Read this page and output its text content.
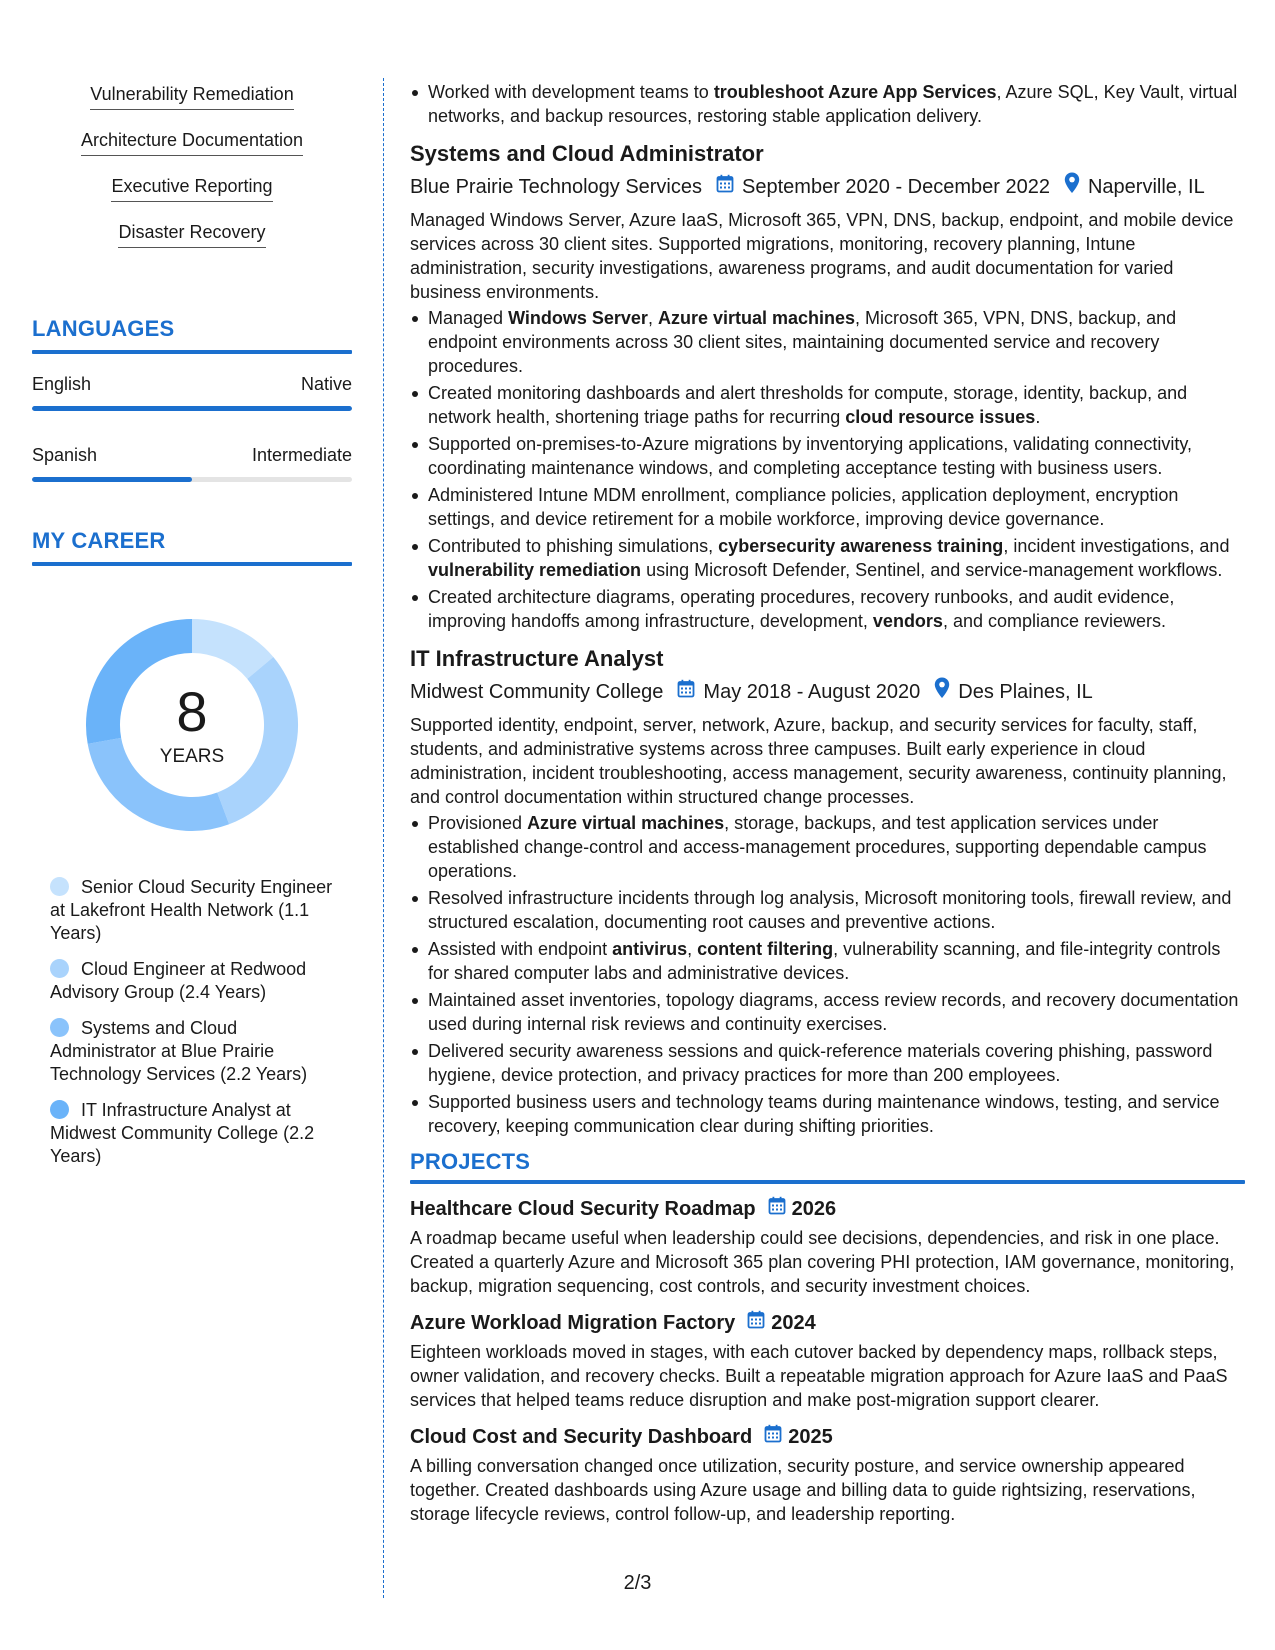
Vulnerability Remediation
Architecture Documentation
Executive Reporting
Disaster Recovery
LANGUAGES
English	Native
Spanish	Intermediate
MY CAREER
8
YEARS
Senior Cloud Security Engineer at Lakefront Health Network (1.1 Years)
Cloud Engineer at Redwood Advisory Group (2.4 Years)
Systems and Cloud Administrator at Blue Prairie Technology Services (2.2 Years)
IT Infrastructure Analyst at Midwest Community College (2.2 Years)
Worked with development teams to troubleshoot Azure App Services, Azure SQL, Key Vault, virtual networks, and backup resources, restoring stable application delivery.
Systems and Cloud Administrator
Blue Prairie Technology Services September 2020 - December 2022 Naperville, IL
Managed Windows Server, Azure IaaS, Microsoft 365, VPN, DNS, backup, endpoint, and mobile device services across 30 client sites. Supported migrations, monitoring, recovery planning, Intune administration, security investigations, awareness programs, and audit documentation for varied business environments.
Managed Windows Server, Azure virtual machines, Microsoft 365, VPN, DNS, backup, and endpoint environments across 30 client sites, maintaining documented service and recovery procedures.
Created monitoring dashboards and alert thresholds for compute, storage, identity, backup, and network health, shortening triage paths for recurring cloud resource issues.
Supported on-premises-to-Azure migrations by inventorying applications, validating connectivity, coordinating maintenance windows, and completing acceptance testing with business users.
Administered Intune MDM enrollment, compliance policies, application deployment, encryption settings, and device retirement for a mobile workforce, improving device governance.
Contributed to phishing simulations, cybersecurity awareness training, incident investigations, and vulnerability remediation using Microsoft Defender, Sentinel, and service-management workflows.
Created architecture diagrams, operating procedures, recovery runbooks, and audit evidence, improving handoffs among infrastructure, development, vendors, and compliance reviewers.
IT Infrastructure Analyst
Midwest Community College May 2018 - August 2020 Des Plaines, IL
Supported identity, endpoint, server, network, Azure, backup, and security services for faculty, staff, students, and administrative systems across three campuses. Built early experience in cloud administration, incident troubleshooting, access management, security awareness, continuity planning, and control documentation within structured change processes.
Provisioned Azure virtual machines, storage, backups, and test application services under established change-control and access-management procedures, supporting dependable campus operations.
Resolved infrastructure incidents through log analysis, Microsoft monitoring tools, firewall review, and structured escalation, documenting root causes and preventive actions.
Assisted with endpoint antivirus, content filtering, vulnerability scanning, and file-integrity controls for shared computer labs and administrative devices.
Maintained asset inventories, topology diagrams, access review records, and recovery documentation used during internal risk reviews and continuity exercises.
Delivered security awareness sessions and quick-reference materials covering phishing, password hygiene, device protection, and privacy practices for more than 200 employees.
Supported business users and technology teams during maintenance windows, testing, and service recovery, keeping communication clear during shifting priorities.
PROJECTS
Healthcare Cloud Security Roadmap 2026
A roadmap became useful when leadership could see decisions, dependencies, and risk in one place. Created a quarterly Azure and Microsoft 365 plan covering PHI protection, IAM governance, monitoring, backup, migration sequencing, cost controls, and security investment choices.
Azure Workload Migration Factory 2024
Eighteen workloads moved in stages, with each cutover backed by dependency maps, rollback steps, owner validation, and recovery checks. Built a repeatable migration approach for Azure IaaS and PaaS services that helped teams reduce disruption and make post-migration support clearer.
Cloud Cost and Security Dashboard 2025
A billing conversation changed once utilization, security posture, and service ownership appeared together. Created dashboards using Azure usage and billing data to guide rightsizing, reservations, storage lifecycle reviews, control follow-up, and leadership reporting.
2/3
